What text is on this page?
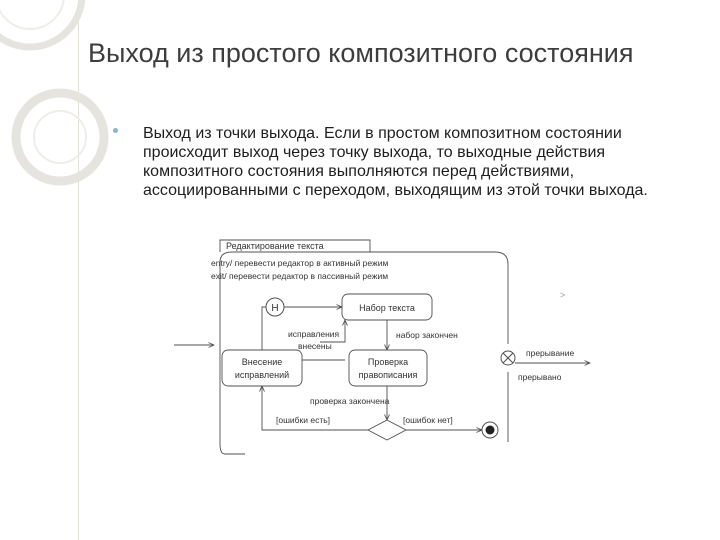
Выход из простого композитного состояния

Выход из точки выхода. Если в простом композитном состоянии происходит выход через точку выхода, то выходные действия композитного состояния выполняются перед действиями, ассоциированными с переходом, выходящим из этой точки выхода.

Редактирование текста
entry/ перевести редактор в активный режим
exit/ перевести редактор в пассивный режим
H	Набор текста
набор закончен
Проверка
правописания
Внесение
исправлений
исправления
внесены
проверка закончена
[ошибки есть]	[ошибок нет]
прерывание
прерывано
>
